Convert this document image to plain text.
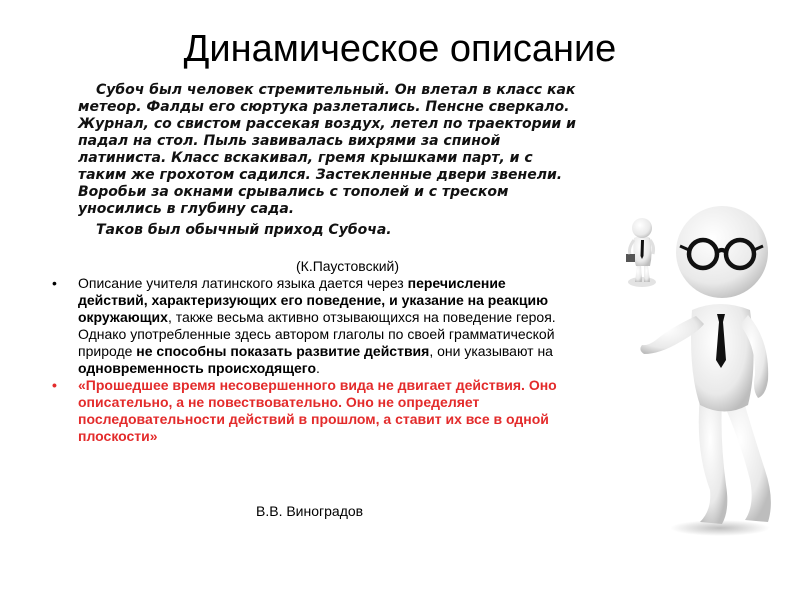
Динамическое описание

Субоч был человек стремительный. Он влетал в класс как метеор. Фалды его сюртука разлетались. Пенсне сверкало. Журнал, со свистом рассекая воздух, летел по траектории и падал на стол. Пыль завивалась вихрями за спиной латиниста. Класс вскакивал, гремя крышками парт, и с таким же грохотом садился. Застекленные двери звенели. Воробьи за окнами срывались с тополей и с треском уносились в глубину сада.

Таков был обычный приход Субоча.

(К.Паустовский)

• Описание учителя латинского языка дается через перечисление действий, характеризующих его поведение, и указание на реакцию окружающих, также весьма активно отзывающихся на поведение героя. Однако употребленные здесь автором глаголы по своей грамматической природе не способны показать развитие действия, они указывают на одновременность происходящего.
• «Прошедшее время несовершенного вида не двигает действия. Оно описательно, а не повествовательно. Оно не определяет последовательности действий в прошлом, а ставит их все в одной плоскости»

В.В. Виноградов
